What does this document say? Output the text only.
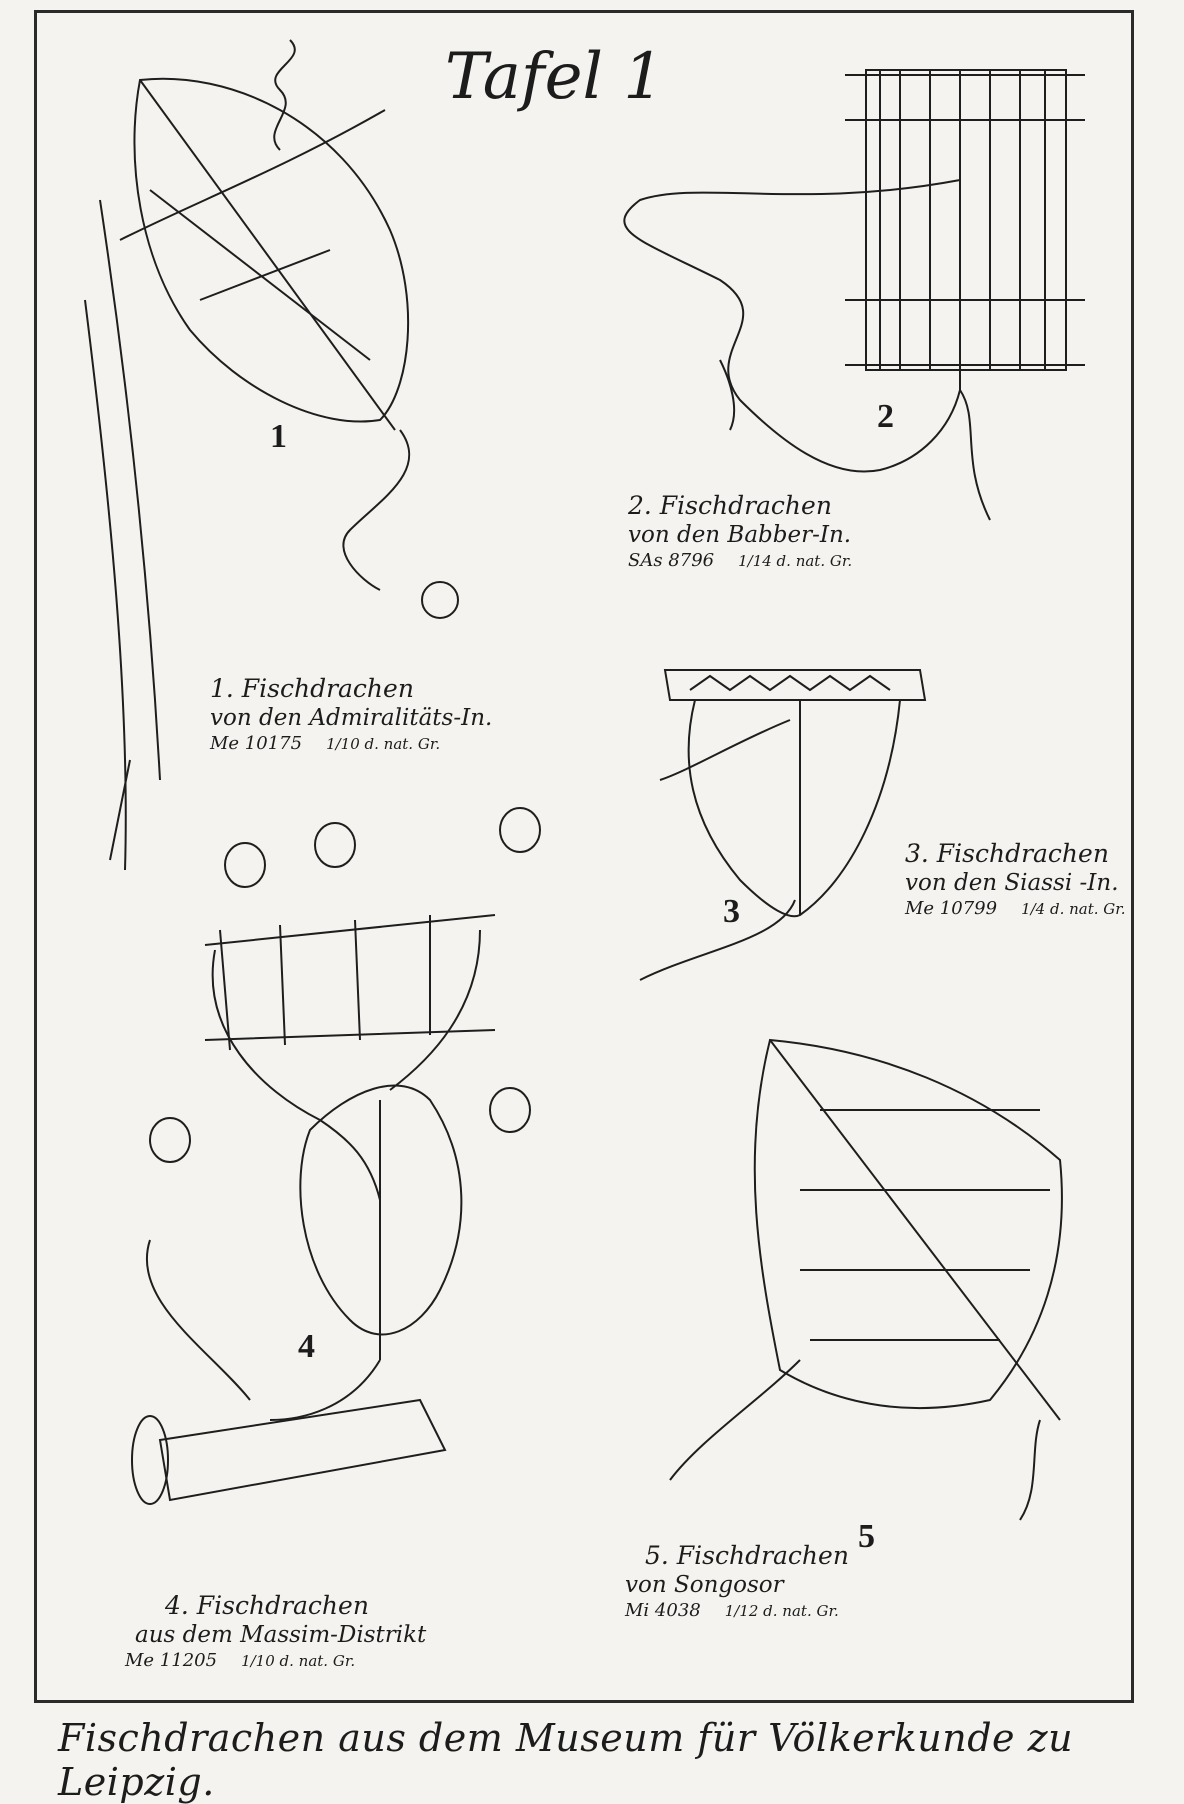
Tafel 1
1
2
3
4
5
1. Fischdrachen
von den Admiralitäts-In.
Me 10175 1/10 d. nat. Gr.
2. Fischdrachen
von den Babber-In.
SAs 8796 1/14 d. nat. Gr.
3. Fischdrachen
von den Siassi -In.
Me 10799 1/4 d. nat. Gr.
4. Fischdrachen
aus dem Massim-Distrikt
Me 11205 1/10 d. nat. Gr.
5. Fischdrachen
von Songosor
Mi 4038 1/12 d. nat. Gr.
Fischdrachen aus dem Museum für Völkerkunde zu Leipzig.
